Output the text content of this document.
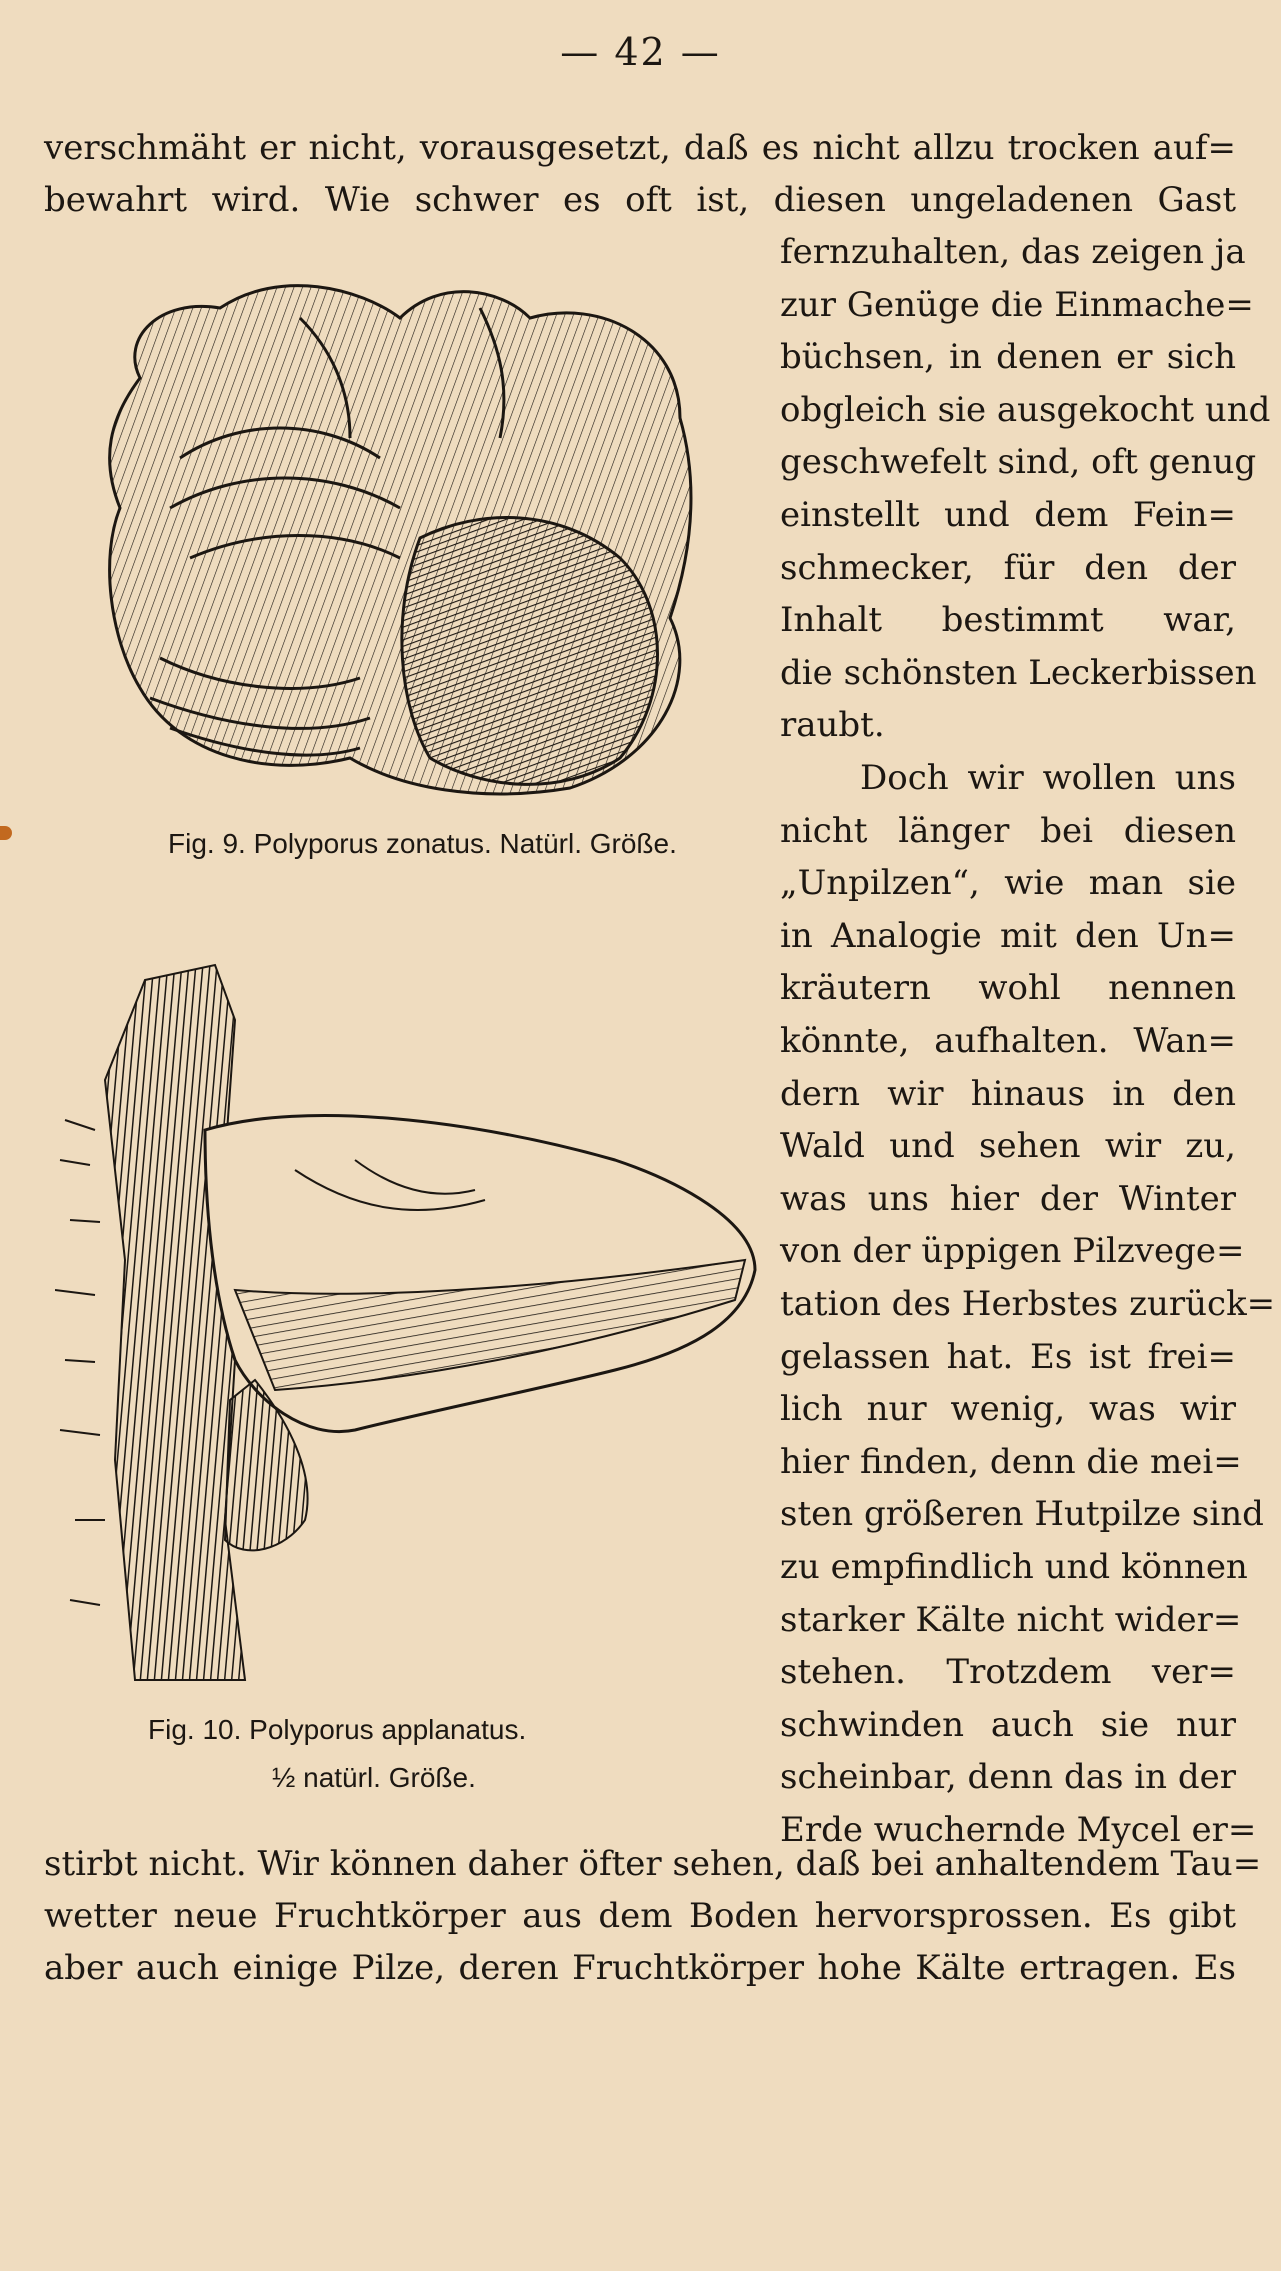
— 42 —
verschmäht er nicht, vorausgesetzt, daß es nicht allzu trocken auf=
bewahrt wird. Wie schwer es oft ist, diesen ungeladenen Gast
fernzuhalten, das zeigen ja
zur Genüge die Einmache=
büchsen, in denen er sich
obgleich sie ausgekocht und
geschwefelt sind, oft genug
einstellt und dem Fein=
schmecker, für den der
Inhalt bestimmt war,
die schönsten Leckerbissen
raubt.
Doch wir wollen uns
nicht länger bei diesen
„Unpilzen“, wie man sie
in Analogie mit den Un=
kräutern wohl nennen
könnte, aufhalten. Wan=
dern wir hinaus in den
Wald und sehen wir zu,
was uns hier der Winter
von der üppigen Pilzvege=
tation des Herbstes zurück=
gelassen hat. Es ist frei=
lich nur wenig, was wir
hier finden, denn die mei=
sten größeren Hutpilze sind
zu empfindlich und können
starker Kälte nicht wider=
stehen. Trotzdem ver=
schwinden auch sie nur
scheinbar, denn das in der
Erde wuchernde Mycel er=
stirbt nicht. Wir können daher öfter sehen, daß bei anhaltendem Tau=
wetter neue Fruchtkörper aus dem Boden hervorsprossen. Es gibt
aber auch einige Pilze, deren Fruchtkörper hohe Kälte ertragen. Es
Fig. 9. Polyporus zonatus. Natürl. Größe.
Fig. 10. Polyporus applanatus.
½ natürl. Größe.
